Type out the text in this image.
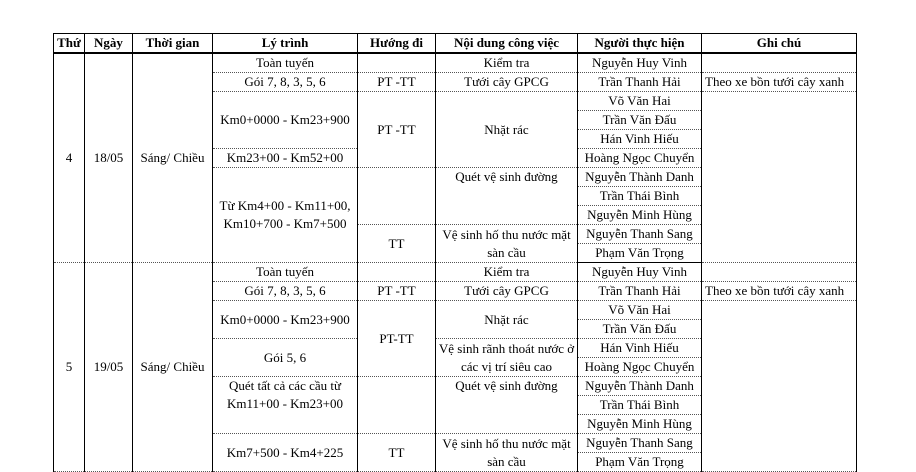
Thứ	Ngày	Thời gian	Lý trình	Hướng đi	Nội dung công việc	Người thực hiện	Ghi chú
4	18/05	Sáng/ Chiều	Toàn tuyến		Kiểm tra	Nguyễn Huy Vinh	
			Gói 7, 8, 3, 5, 6	PT -TT	Tưới cây GPCG	Trần Thanh Hải	Theo xe bồn tưới cây xanh
			Km0+0000 - Km23+900	PT -TT	Nhặt rác	Võ Văn Hai	
						Trần Văn Đấu	
						Hán Vinh Hiếu	
			Km23+00 - Km52+00			Hoàng Ngọc Chuyển	
			Từ Km4+00 - Km11+00, Km10+700 - Km7+500		Quét vệ sinh đường	Nguyễn Thành Danh	
						Trần Thái Bình	
						Nguyễn Minh Hùng	
				TT	Vệ sinh hố thu nước mặt sàn cầu	Nguyễn Thanh Sang	
						Phạm Văn Trọng	
5	19/05	Sáng/ Chiều	Toàn tuyến		Kiểm tra	Nguyễn Huy Vinh	
			Gói 7, 8, 3, 5, 6	PT -TT	Tưới cây GPCG	Trần Thanh Hải	Theo xe bồn tưới cây xanh
			Km0+0000 - Km23+900	PT-TT	Nhặt rác	Võ Văn Hai	
						Trần Văn Đấu	
			Gói 5, 6		Vệ sinh rãnh thoát nước ở các vị trí siêu cao	Hán Vinh Hiếu	
						Hoàng Ngọc Chuyển	
			Quét tất cả các cầu từ Km11+00 - Km23+00		Quét vệ sinh đường	Nguyễn Thành Danh	
						Trần Thái Bình	
						Nguyễn Minh Hùng	
			Km7+500 - Km4+225	TT	Vệ sinh hố thu nước mặt sàn cầu	Nguyễn Thanh Sang	
						Phạm Văn Trọng	
